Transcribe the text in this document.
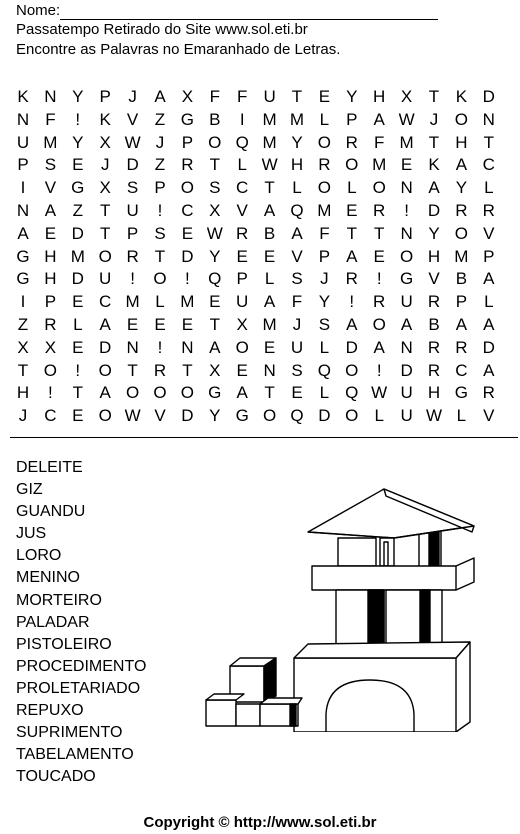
Nome:
Passatempo Retirado do Site www.sol.eti.br
Encontre as Palavras no Emaranhado de Letras.
K N Y P	J	A X F	F U T E Y H X T K D
N F	!	K V Z G B	I	M M L	P A W J O N
U M Y X W J	P O Q M Y O R F M T H T
P S E	J	D Z R T	L W H R O M E K A C
I	V G X S P O S C T	L O L O N A Y	L
N A Z	T U	!	C X V A Q M E R	!	D R R
A E D T P S E W R B A F	T	T N Y O V
G H M O R T D Y E E V P A E O H M P
G H D U	!	O	!	Q P	L	S	J	R	!	G V B A
I	P E C M L M E U A F Y	!	R U R P	L
Z R L A E E E T X M J	S A O A B A A
X X E D N	!	N A O E U L D A N R R D
T O	!	O T R T X E N S Q O	!	D R C A
H	!	T A O O O G A T E L Q W U H G R
J	C E O W V D Y G O Q D O L U W L	V
DELEITE
GIZ
GUANDU
JUS
LORO
MENINO
MORTEIRO
PALADAR
PISTOLEIRO
PROCEDIMENTO
PROLETARIADO
REPUXO
SUPRIMENTO
TABELAMENTO
TOUCADO
Copyright © http://www.sol.eti.br
